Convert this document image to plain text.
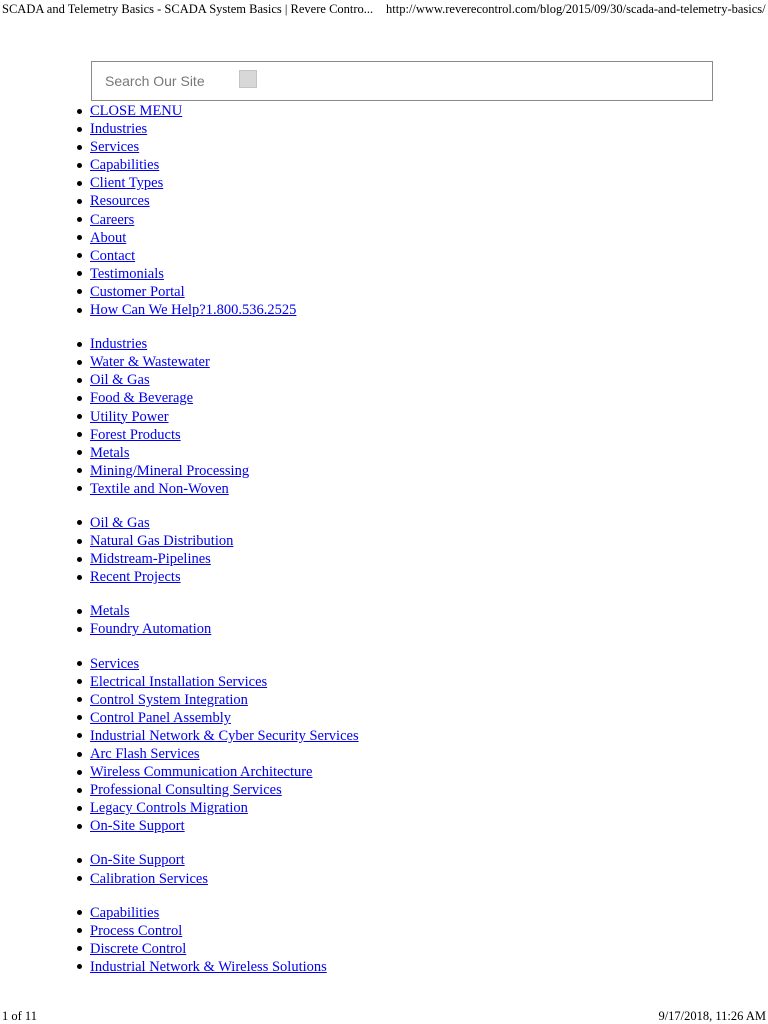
SCADA and Telemetry Basics - SCADA System Basics | Revere Contro... http://www.reverecontrol.com/blog/2015/09/30/scada-and-telemetry-basics/
Search Our Site
CLOSE MENU
Industries
Services
Capabilities
Client Types
Resources
Careers
About
Contact
Testimonials
Customer Portal
How Can We Help?1.800.536.2525
Industries
Water & Wastewater
Oil & Gas
Food & Beverage
Utility Power
Forest Products
Metals
Mining/Mineral Processing
Textile and Non-Woven
Oil & Gas
Natural Gas Distribution
Midstream-Pipelines
Recent Projects
Metals
Foundry Automation
Services
Electrical Installation Services
Control System Integration
Control Panel Assembly
Industrial Network & Cyber Security Services
Arc Flash Services
Wireless Communication Architecture
Professional Consulting Services
Legacy Controls Migration
On-Site Support
On-Site Support
Calibration Services
Capabilities
Process Control
Discrete Control
Industrial Network & Wireless Solutions
1 of 11	9/17/2018, 11:26 AM
